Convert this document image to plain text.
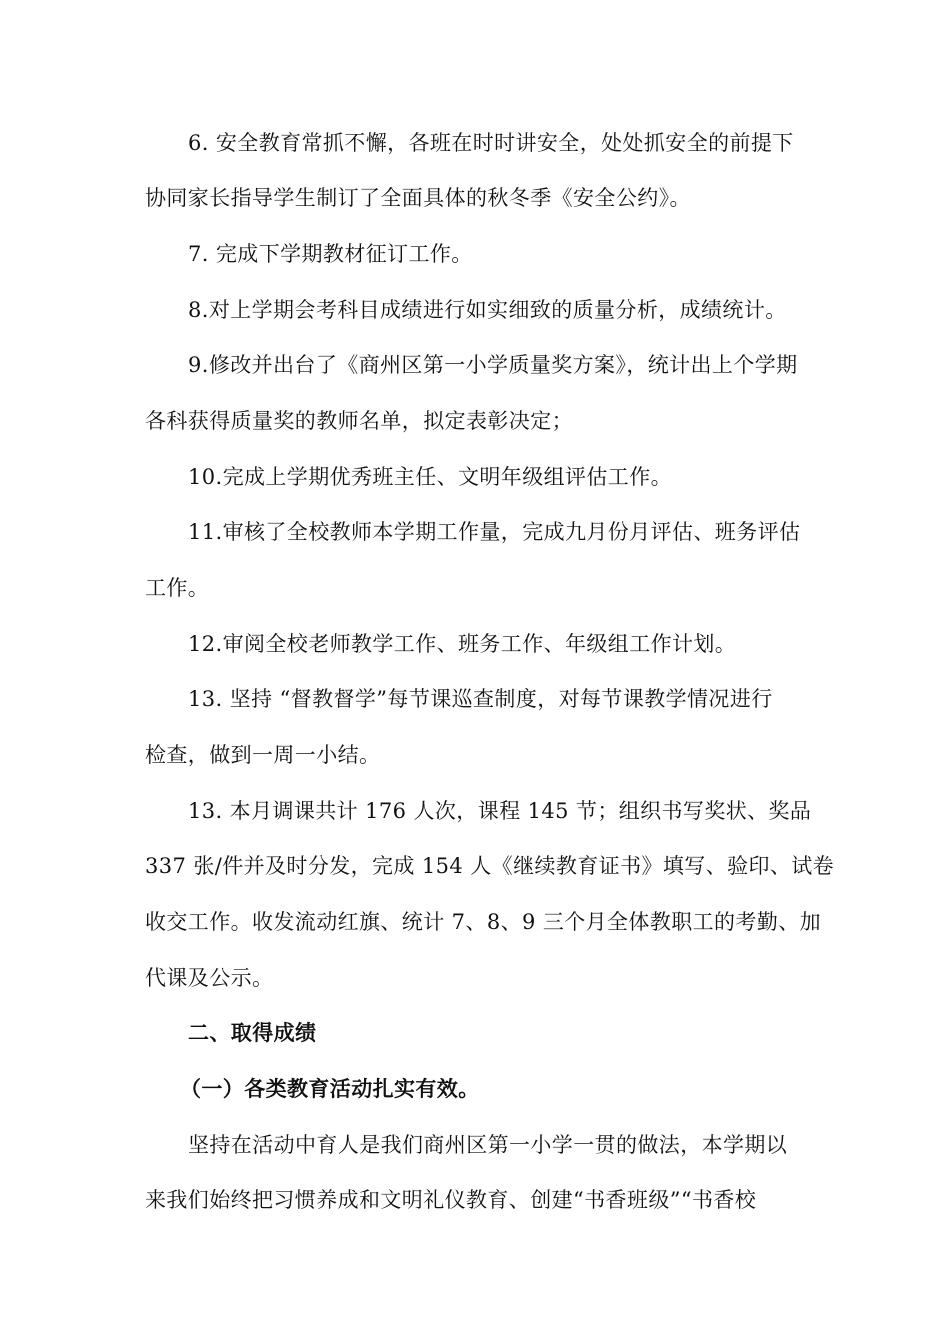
6. 安全教育常抓不懈，各班在时时讲安全，处处抓安全的前提下
协同家长指导学生制订了全面具体的秋冬季《安全公约》。
7. 完成下学期教材征订工作。
8.对上学期会考科目成绩进行如实细致的质量分析，成绩统计。
9.修改并出台了《商州区第一小学质量奖方案》，统计出上个学期
各科获得质量奖的教师名单，拟定表彰决定；
10.完成上学期优秀班主任、文明年级组评估工作。
11.审核了全校教师本学期工作量，完成九月份月评估、班务评估
工作。
12.审阅全校老师教学工作、班务工作、年级组工作计划。
13. 坚持 “督教督学”每节课巡查制度，对每节课教学情况进行
检查，做到一周一小结。
13. 本月调课共计 176 人次，课程 145 节；组织书写奖状、奖品
337 张/件并及时分发，完成 154 人《继续教育证书》填写、验印、试卷
收交工作。收发流动红旗、统计 7、8、9 三个月全体教职工的考勤、加
代课及公示。
二、取得成绩
（一）各类教育活动扎实有效。
坚持在活动中育人是我们商州区第一小学一贯的做法，本学期以
来我们始终把习惯养成和文明礼仪教育、创建“书香班级”“书香校
